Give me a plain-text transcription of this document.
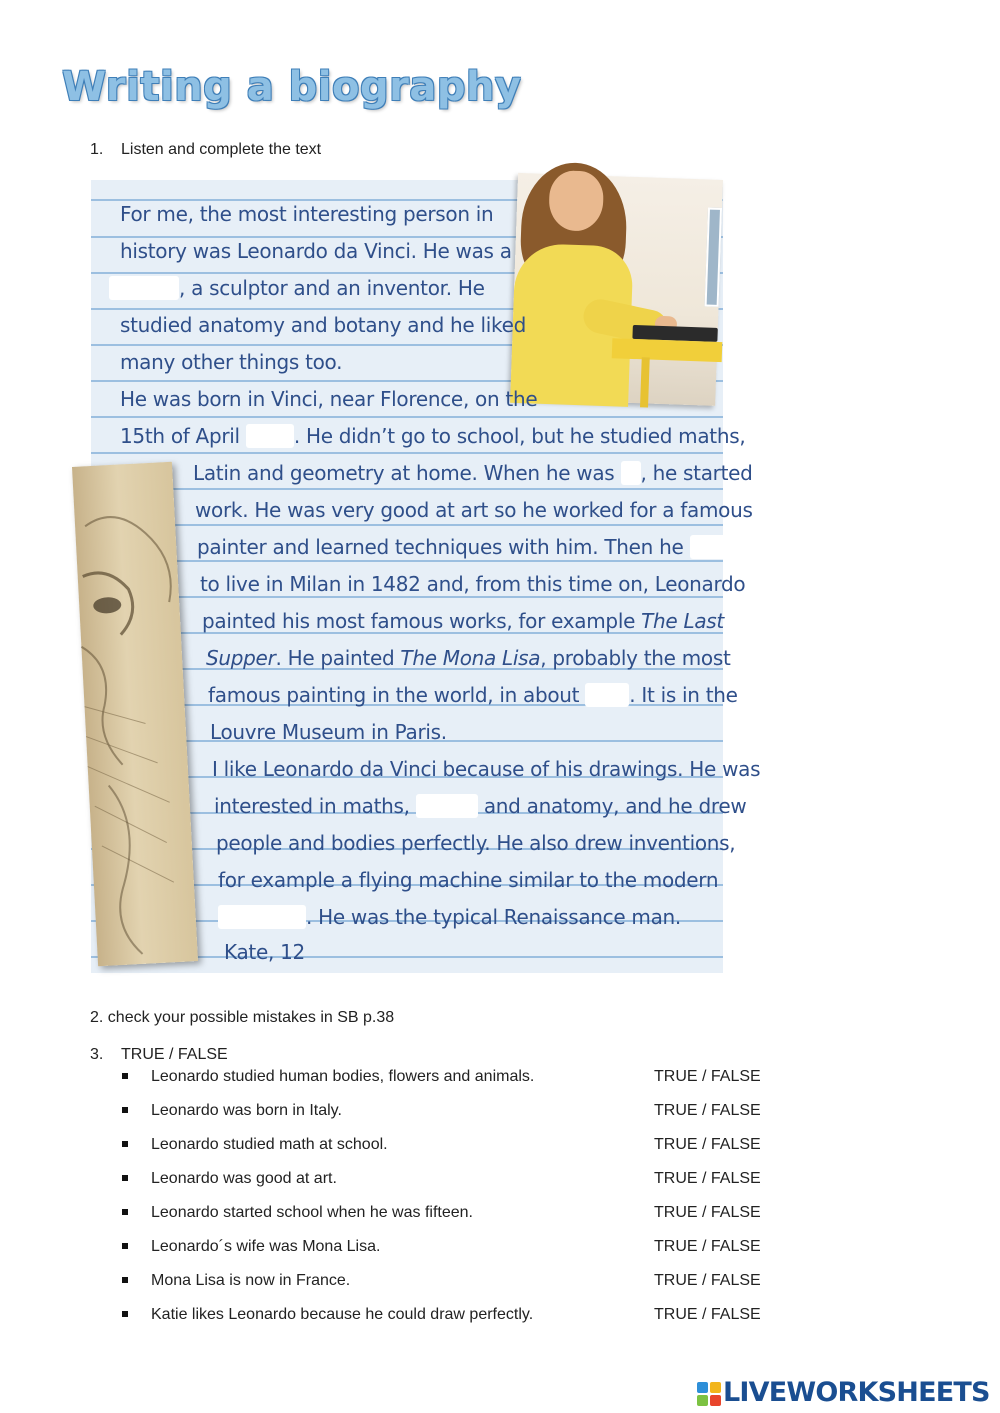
Writing a biography
1. Listen and complete the text
For me, the most interesting person in
history was Leonardo da Vinci. He was a
, a sculptor and an inventor. He
studied anatomy and botany and he liked
many other things too.
He was born in Vinci, near Florence, on the
15th of April	. He didn’t go to school, but he studied maths,
Latin and geometry at home. When he was , he started
work. He was very good at art so he worked for a famous
painter and learned techniques with him. Then he
to live in Milan in 1482 and, from this time on, Leonardo
painted his most famous works, for example The Last
Supper. He painted The Mona Lisa, probably the most
famous painting in the world, in about	. It is in the
Louvre Museum in Paris.
I like Leonardo da Vinci because of his drawings. He was
interested in maths,	and anatomy, and he drew
people and bodies perfectly. He also drew inventions,
for example a flying machine similar to the modern
. He was the typical Renaissance man.
Kate, 12
2. check your possible mistakes in SB p.38
3. TRUE / FALSE
Leonardo studied human bodies, flowers and animals.	TRUE / FALSE
Leonardo was born in Italy.	TRUE / FALSE
Leonardo studied math at school.	TRUE / FALSE
Leonardo was good at art.	TRUE / FALSE
Leonardo started school when he was fifteen.	TRUE / FALSE
Leonardo´s wife was Mona Lisa.	TRUE / FALSE
Mona Lisa is now in France.	TRUE / FALSE
Katie likes Leonardo because he could draw perfectly.	TRUE / FALSE
LIVEWORKSHEETS
